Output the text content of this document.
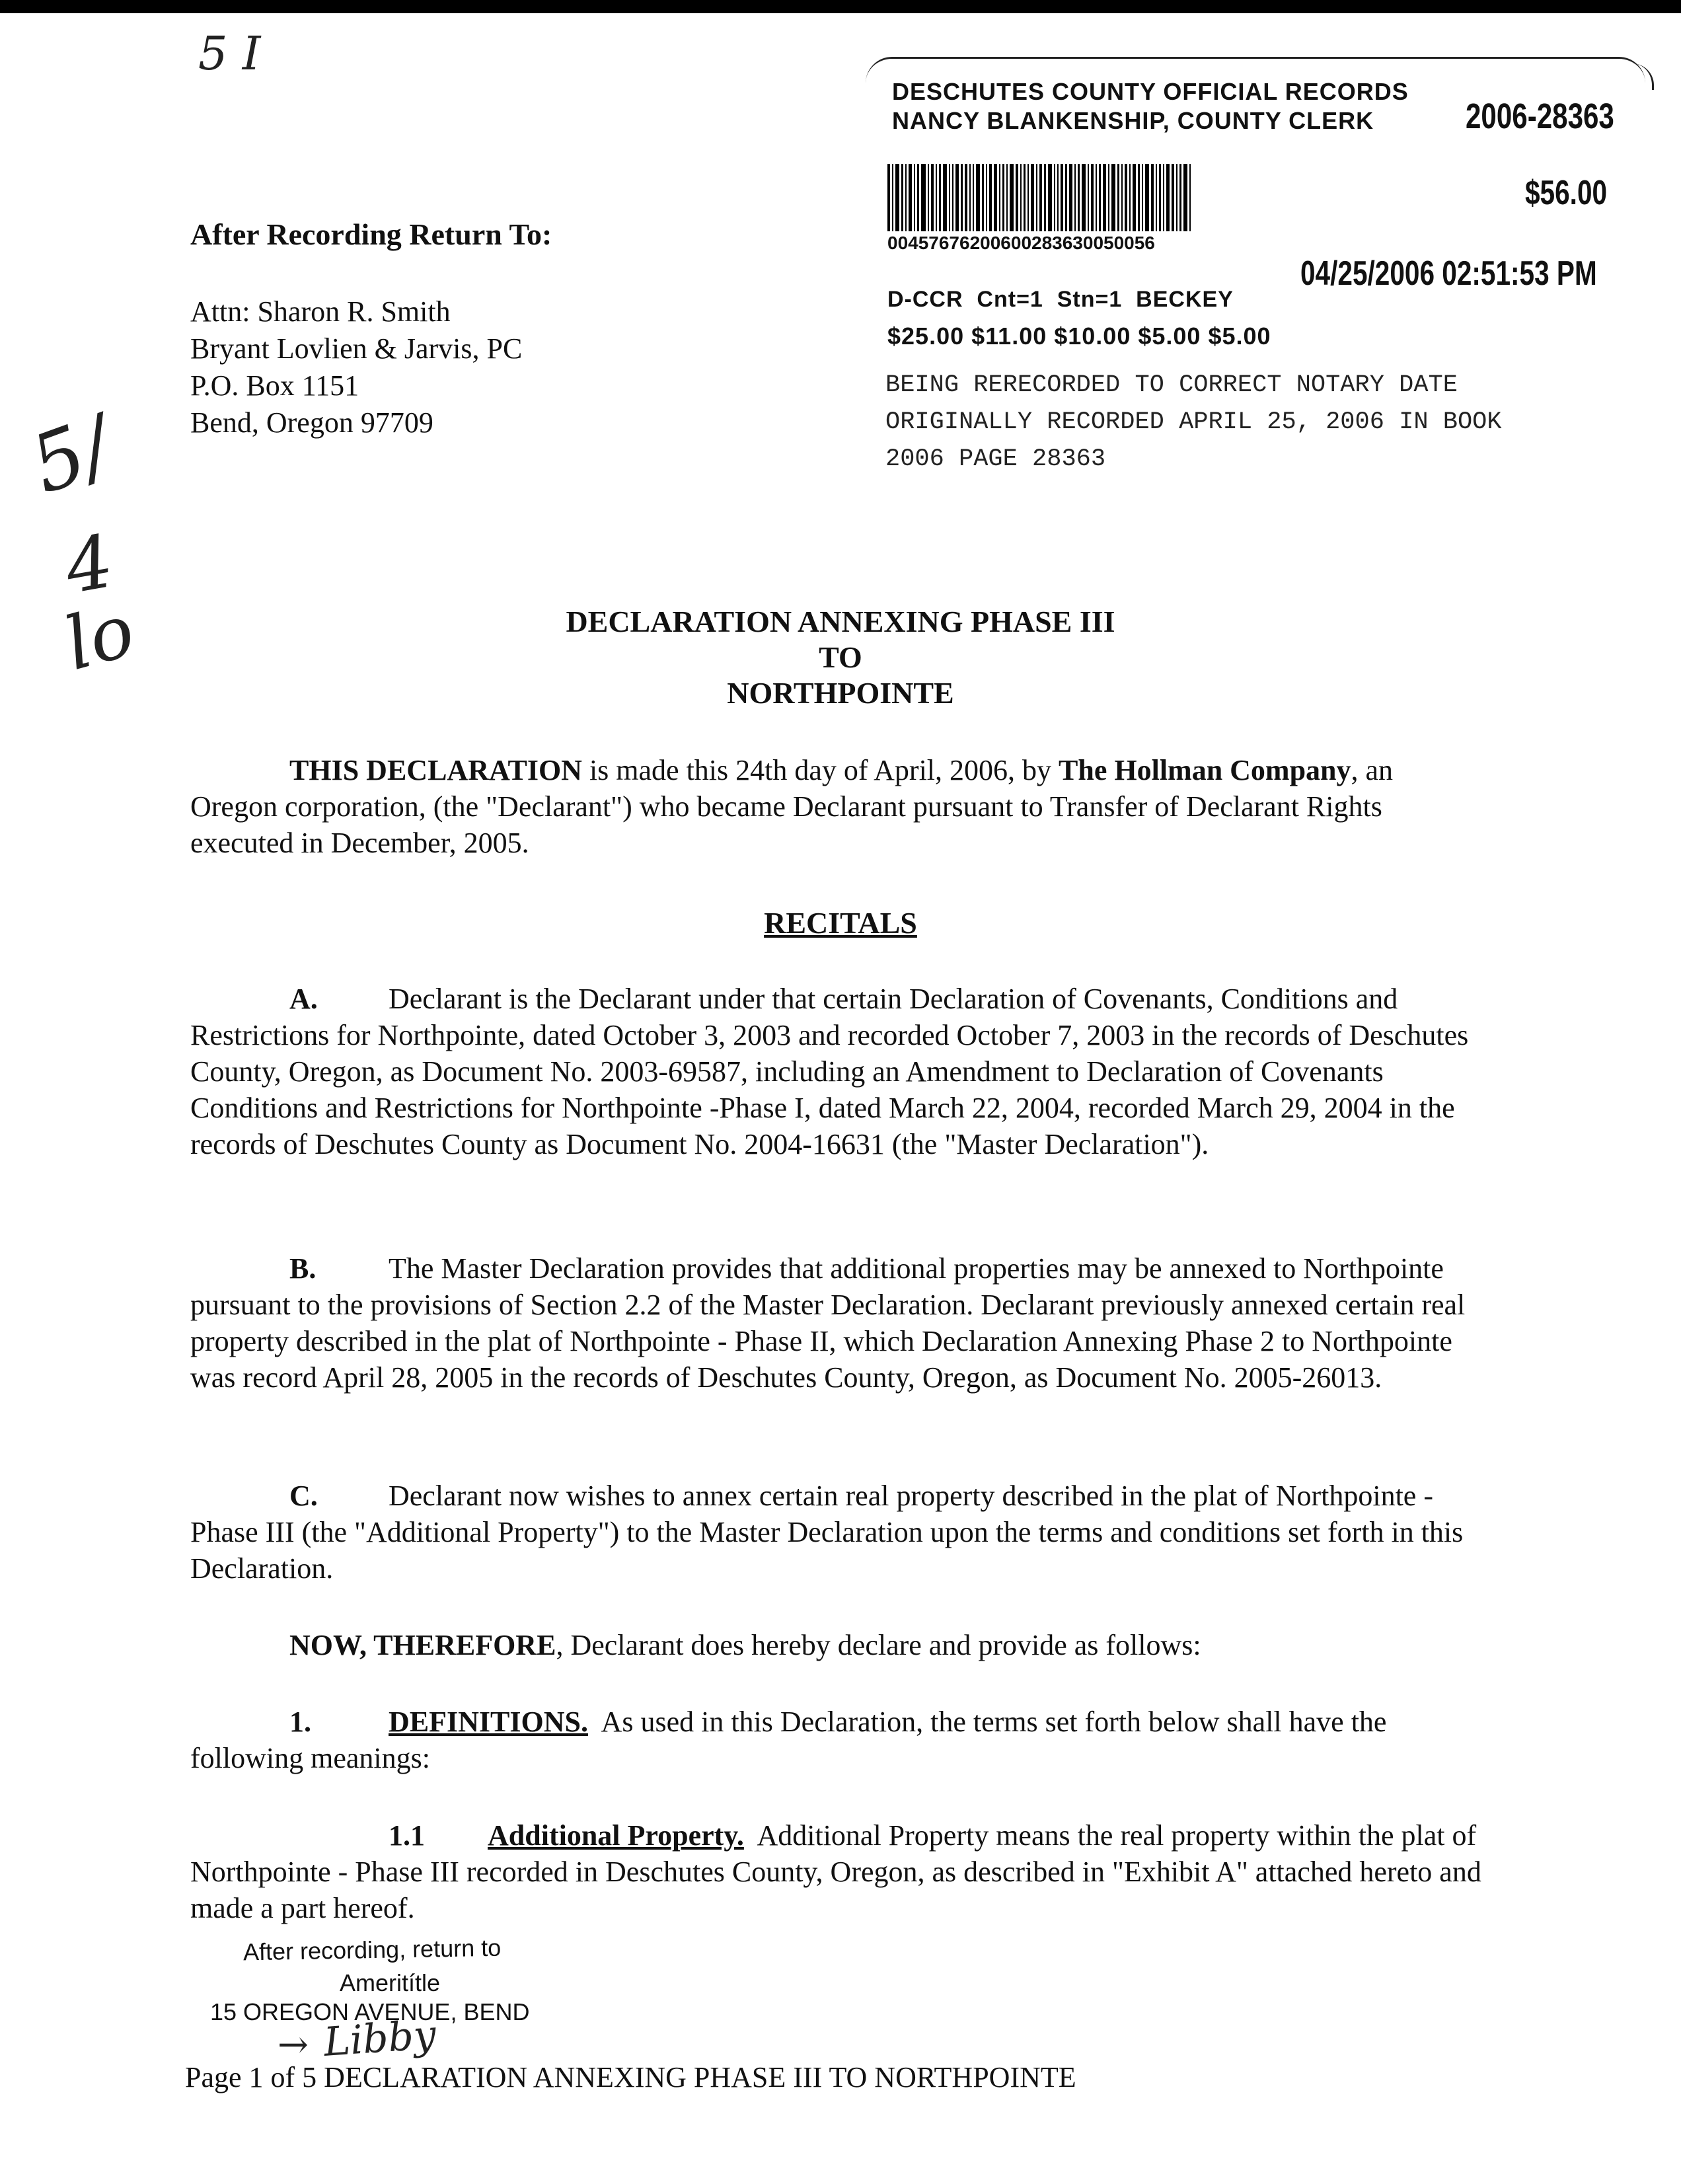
5 I
5/
4
lo
After Recording Return To:
Attn: Sharon R. Smith
Bryant Lovlien & Jarvis, PC
P.O. Box 1151
Bend, Oregon 97709
DESCHUTES COUNTY OFFICIAL RECORDS
NANCY BLANKENSHIP, COUNTY CLERK	2006-28363
$56.00
00457676200600283630050056
04/25/2006 02:51:53 PM
D-CCR  Cnt=1  Stn=1  BECKEY
$25.00 $11.00 $10.00 $5.00 $5.00
BEING RERECORDED TO CORRECT NOTARY DATE
ORIGINALLY RECORDED APRIL 25, 2006 IN BOOK
2006 PAGE 28363
DECLARATION ANNEXING PHASE III
TO
NORTHPOINTE
THIS DECLARATION is made this 24th day of April, 2006, by The Hollman Company, an Oregon corporation, (the "Declarant") who became Declarant pursuant to Transfer of Declarant Rights executed in December, 2005.
RECITALS
A. Declarant is the Declarant under that certain Declaration of Covenants, Conditions and Restrictions for Northpointe, dated October 3, 2003 and recorded October 7, 2003 in the records of Deschutes County, Oregon, as Document No. 2003-69587, including an Amendment to Declaration of Covenants Conditions and Restrictions for Northpointe -Phase I, dated March 22, 2004, recorded March 29, 2004 in the records of Deschutes County as Document No. 2004-16631 (the "Master Declaration").
B. The Master Declaration provides that additional properties may be annexed to Northpointe pursuant to the provisions of Section 2.2 of the Master Declaration. Declarant previously annexed certain real property described in the plat of Northpointe - Phase II, which Declaration Annexing Phase 2 to Northpointe was record April 28, 2005 in the records of Deschutes County, Oregon, as Document No. 2005-26013.
C. Declarant now wishes to annex certain real property described in the plat of Northpointe - Phase III (the "Additional Property") to the Master Declaration upon the terms and conditions set forth in this Declaration.
NOW, THEREFORE, Declarant does hereby declare and provide as follows:
1.	DEFINITIONS.  As used in this Declaration, the terms set forth below shall have the following meanings:
1.1 Additional Property.  Additional Property means the real property within the plat of Northpointe - Phase III recorded in Deschutes County, Oregon, as described in "Exhibit A" attached hereto and made a part hereof.
After recording, return to
Ameritítle
15 OREGON AVENUE, BEND
→ Libby
Page 1 of 5 DECLARATION ANNEXING PHASE III TO NORTHPOINTE
